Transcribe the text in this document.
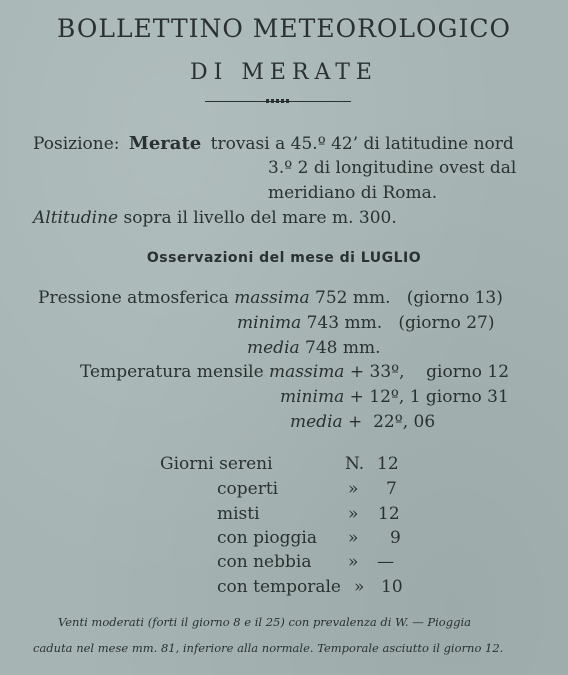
BOLLETTINO METEOROLOGICO
DI MERATE
Posizione: Merate trovasi a 45.º 42’ di latitudine nord
3.º 2 di longitudine ovest dal
meridiano di Roma.
Altitudine sopra il livello del mare m. 300.
Osservazioni del mese di LUGLIO
Pressione atmosferica massima 752 mm.   (giorno 13)
minima 743 mm.   (giorno 27)
media 748 mm.
Temperatura mensile massima + 33º,    giorno 12
minima + 12º, 1 giorno 31
media +  22º, 06
Giorni sereni	N. 12
coperti	» 7
misti	» 12
con pioggia » 9
con nebbia » —
con temporale » 10
Venti moderati (forti il giorno 8 e il 25) con prevalenza di W. — Pioggia
caduta nel mese mm. 81, inferiore alla normale. Temporale asciutto il giorno 12.
